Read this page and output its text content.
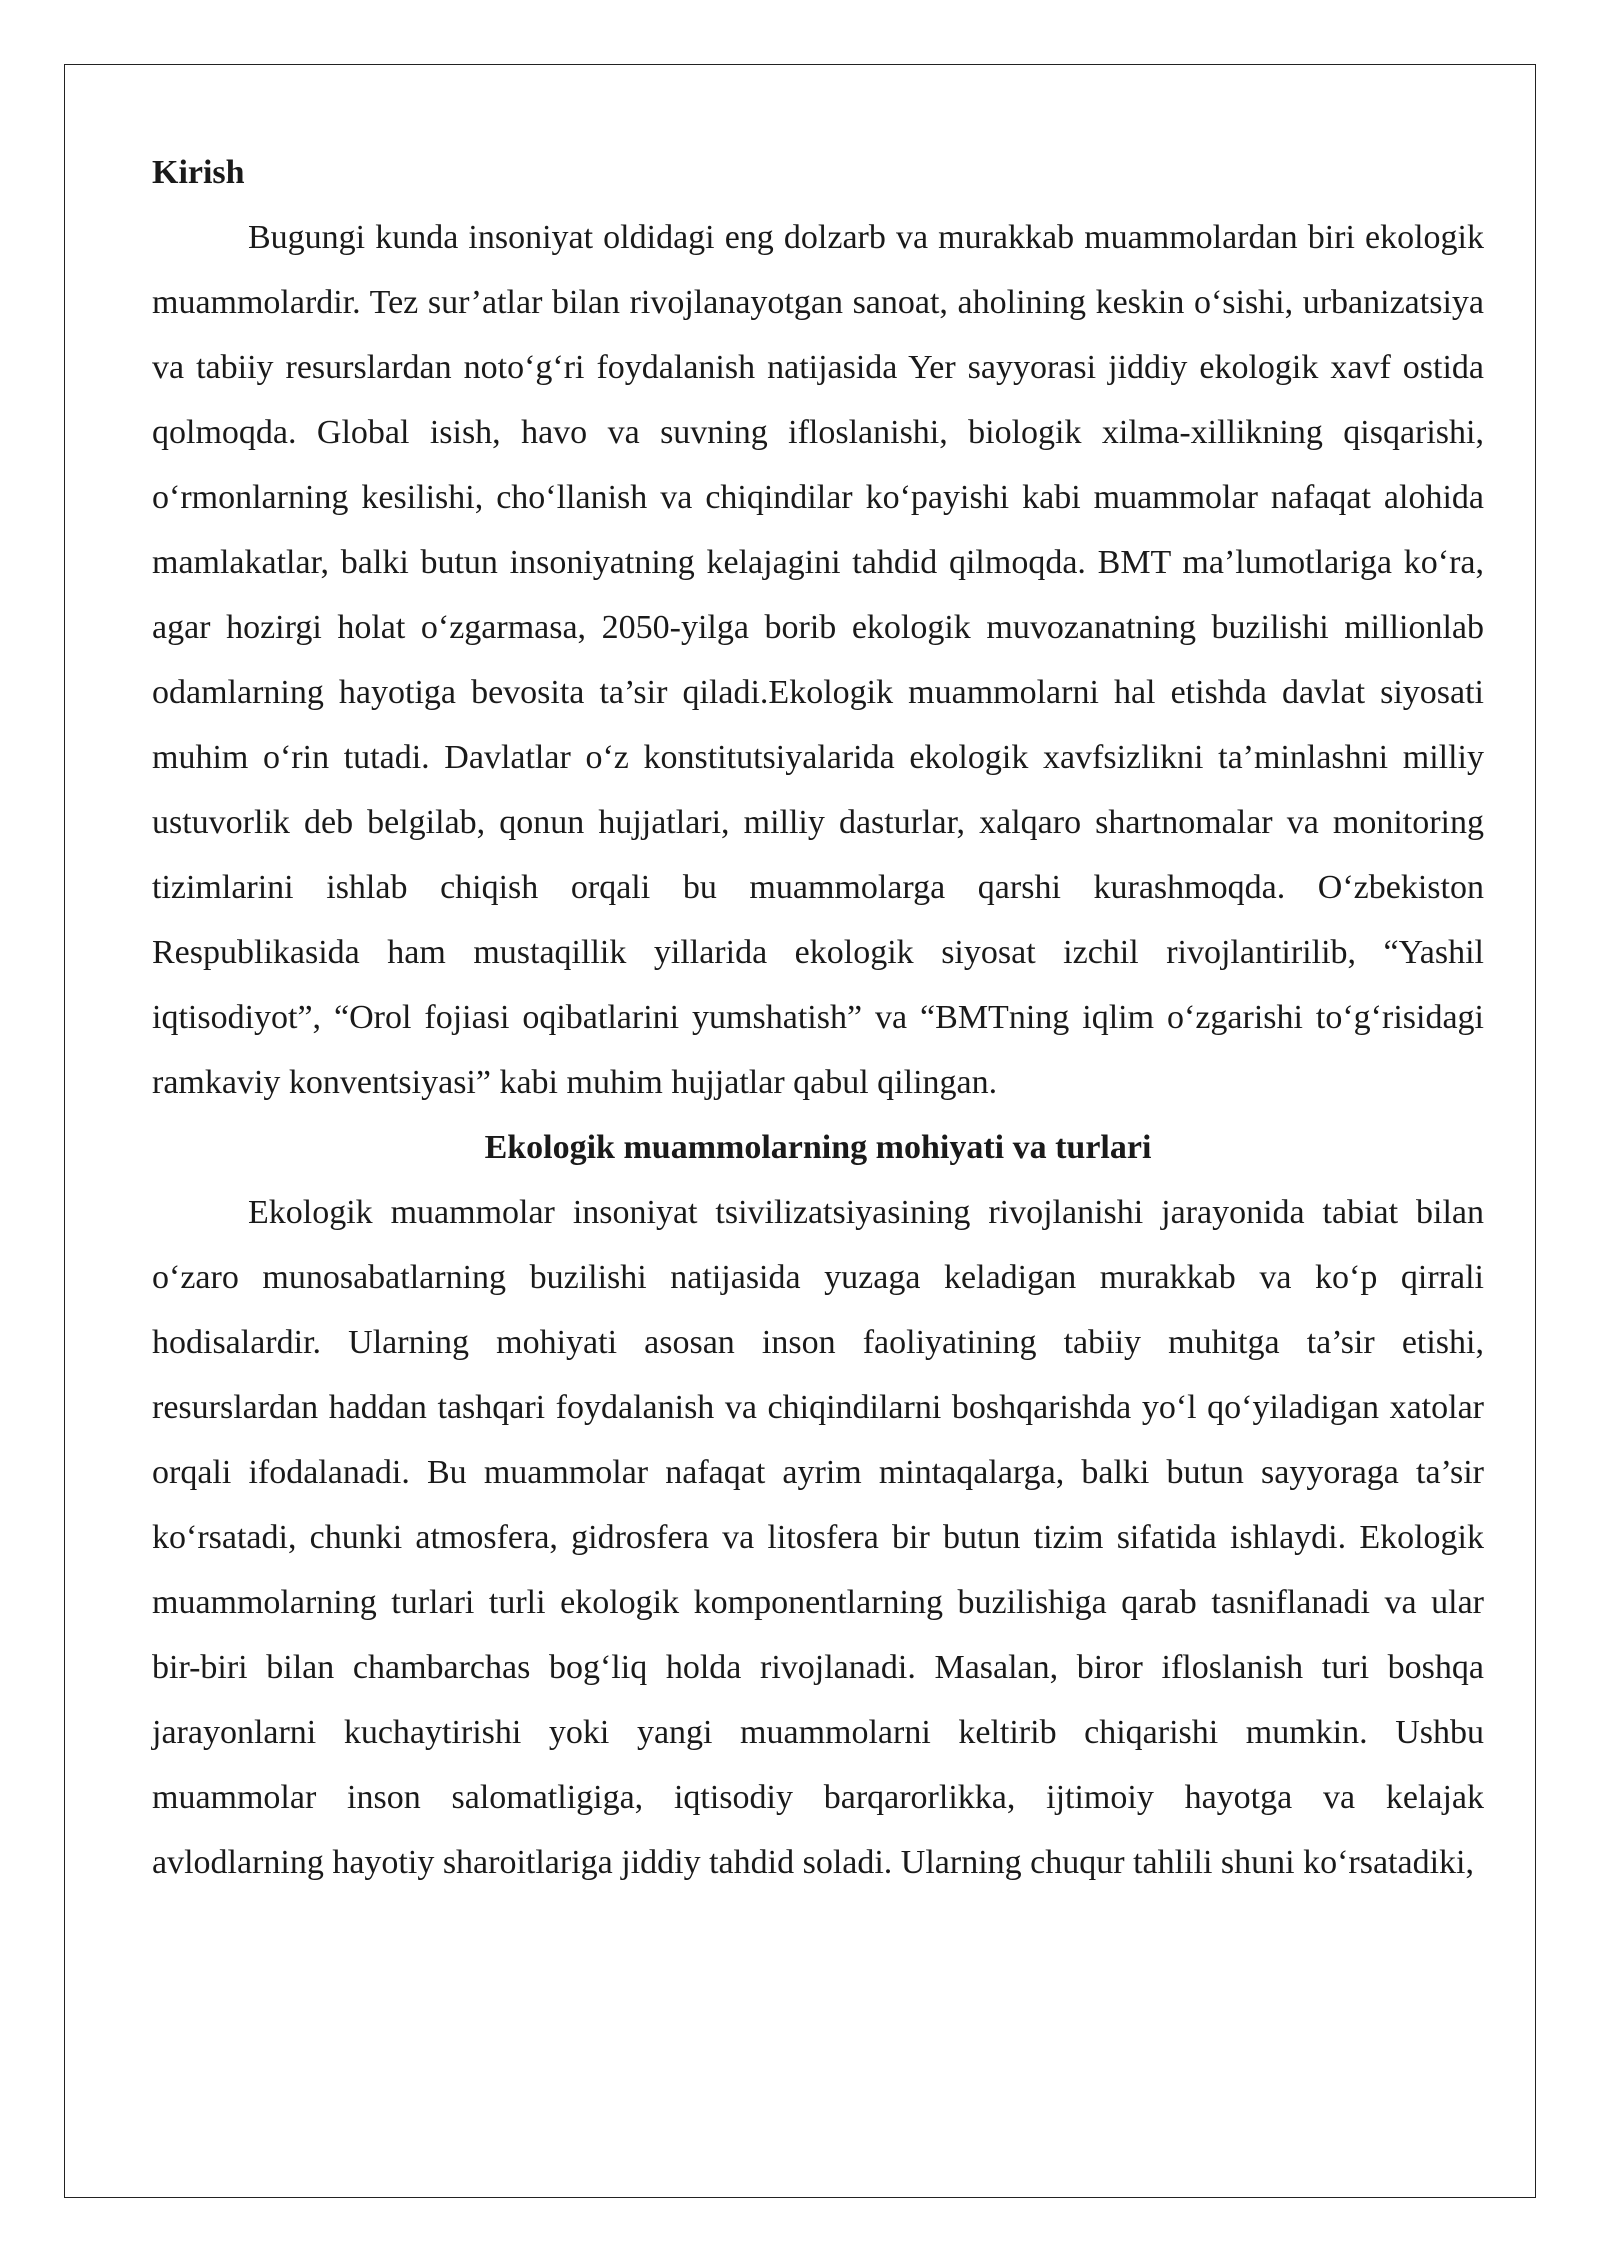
Kirish

Bugungi kunda insoniyat oldidagi eng dolzarb va murakkab muammolardan biri ekologik muammolardir. Tez sur’atlar bilan rivojlanayotgan sanoat, aholining keskin o‘sishi, urbanizatsiya va tabiiy resurslardan noto‘g‘ri foydalanish natijasida Yer sayyorasi jiddiy ekologik xavf ostida qolmoqda. Global isish, havo va suvning ifloslanishi, biologik xilma-xillikning qisqarishi, o‘rmonlarning kesilishi, cho‘llanish va chiqindilar ko‘payishi kabi muammolar nafaqat alohida mamlakatlar, balki butun insoniyatning kelajagini tahdid qilmoqda. BMT ma’lumotlariga ko‘ra, agar hozirgi holat o‘zgarmasa, 2050-yilga borib ekologik muvozanatning buzilishi millionlab odamlarning hayotiga bevosita ta’sir qiladi.Ekologik muammolarni hal etishda davlat siyosati muhim o‘rin tutadi. Davlatlar o‘z konstitutsiyalarida ekologik xavfsizlikni ta’minlashni milliy ustuvorlik deb belgilab, qonun hujjatlari, milliy dasturlar, xalqaro shartnomalar va monitoring tizimlarini ishlab chiqish orqali bu muammolarga qarshi kurashmoqda. O‘zbekiston Respublikasida ham mustaqillik yillarida ekologik siyosat izchil rivojlantirilib, “Yashil iqtisodiyot”, “Orol fojiasi oqibatlarini yumshatish” va “BMTning iqlim o‘zgarishi to‘g‘risidagi ramkaviy konventsiyasi” kabi muhim hujjatlar qabul qilingan.

Ekologik muammolarning mohiyati va turlari

Ekologik muammolar insoniyat tsivilizatsiyasining rivojlanishi jarayonida tabiat bilan o‘zaro munosabatlarning buzilishi natijasida yuzaga keladigan murakkab va ko‘p qirrali hodisalardir. Ularning mohiyati asosan inson faoliyatining tabiiy muhitga ta’sir etishi, resurslardan haddan tashqari foydalanish va chiqindilarni boshqarishda yo‘l qo‘yiladigan xatolar orqali ifodalanadi. Bu muammolar nafaqat ayrim mintaqalarga, balki butun sayyoraga ta’sir ko‘rsatadi, chunki atmosfera, gidrosfera va litosfera bir butun tizim sifatida ishlaydi. Ekologik muammolarning turlari turli ekologik komponentlarning buzilishiga qarab tasniflanadi va ular bir-biri bilan chambarchas bog‘liq holda rivojlanadi. Masalan, biror ifloslanish turi boshqa jarayonlarni kuchaytirishi yoki yangi muammolarni keltirib chiqarishi mumkin. Ushbu muammolar inson salomatligiga, iqtisodiy barqarorlikka, ijtimoiy hayotga va kelajak avlodlarning hayotiy sharoitlariga jiddiy tahdid soladi. Ularning chuqur tahlili shuni ko‘rsatadiki,
